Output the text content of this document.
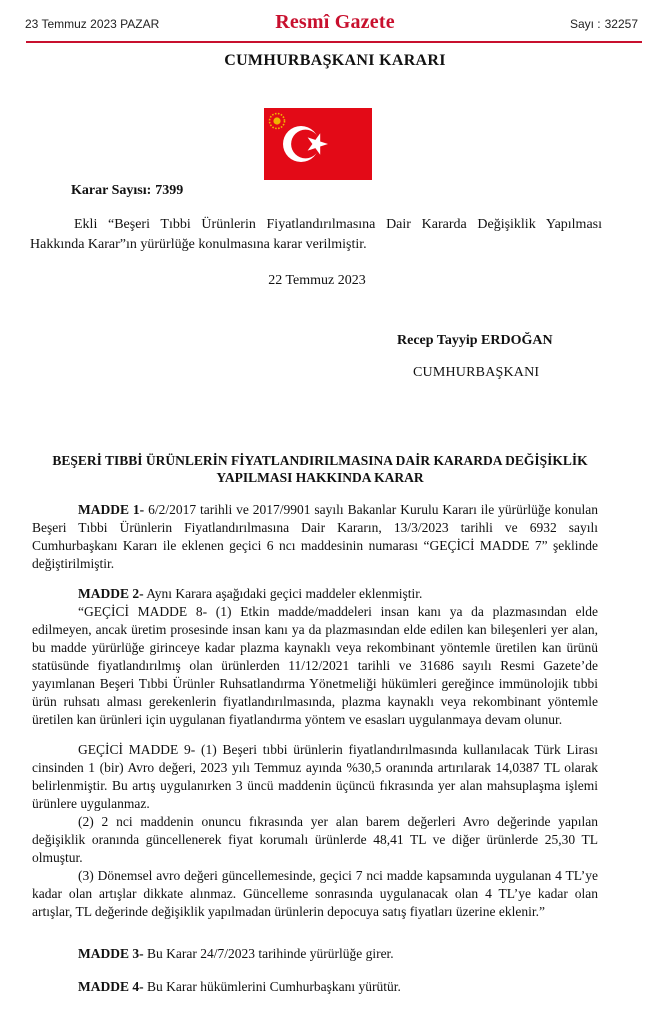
23 Temmuz 2023 PAZAR	Resmî Gazete	Sayı : 32257
CUMHURBAŞKANI KARARI
Karar Sayısı: 7399
Ekli “Beşeri Tıbbi Ürünlerin Fiyatlandırılmasına Dair Kararda Değişiklik Yapılması Hakkında Karar”ın yürürlüğe konulmasına karar verilmiştir.
22 Temmuz 2023
Recep Tayyip ERDOĞAN
CUMHURBAŞKANI
BEŞERİ TIBBİ ÜRÜNLERİN FİYATLANDIRILMASINA DAİR KARARDA DEĞİŞİKLİK YAPILMASI HAKKINDA KARAR
MADDE 1- 6/2/2017 tarihli ve 2017/9901 sayılı Bakanlar Kurulu Kararı ile yürürlüğe konulan Beşeri Tıbbi Ürünlerin Fiyatlandırılmasına Dair Kararın, 13/3/2023 tarihli ve 6932 sayılı Cumhurbaşkanı Kararı ile eklenen geçici 6 ncı maddesinin numarası “GEÇİCİ MADDE 7” şeklinde değiştirilmiştir.
MADDE 2- Aynı Karara aşağıdaki geçici maddeler eklenmiştir.
“GEÇİCİ MADDE 8- (1) Etkin madde/maddeleri insan kanı ya da plazmasından elde edilmeyen, ancak üretim prosesinde insan kanı ya da plazmasından elde edilen kan bileşenleri yer alan, bu madde yürürlüğe girinceye kadar plazma kaynaklı veya rekombinant yöntemle üretilen kan ürünü statüsünde fiyatlandırılmış olan ürünlerden 11/12/2021 tarihli ve 31686 sayılı Resmi Gazete’de yayımlanan Beşeri Tıbbi Ürünler Ruhsatlandırma Yönetmeliği hükümleri gereğince immünolojik tıbbi ürün ruhsatı alması gerekenlerin fiyatlandırılmasında, plazma kaynaklı veya rekombinant yöntemle üretilen kan ürünleri için uygulanan fiyatlandırma yöntem ve esasları uygulanmaya devam olunur.
GEÇİCİ MADDE 9- (1) Beşeri tıbbi ürünlerin fiyatlandırılmasında kullanılacak Türk Lirası cinsinden 1 (bir) Avro değeri, 2023 yılı Temmuz ayında %30,5 oranında artırılarak 14,0387 TL olarak belirlenmiştir. Bu artış uygulanırken 3 üncü maddenin üçüncü fıkrasında yer alan mahsuplaşma işlemi ürünlere uygulanmaz.
(2) 2 nci maddenin onuncu fıkrasında yer alan barem değerleri Avro değerinde yapılan değişiklik oranında güncellenerek fiyat korumalı ürünlerde 48,41 TL ve diğer ürünlerde 25,30 TL olmuştur.
(3) Dönemsel avro değeri güncellemesinde, geçici 7 nci madde kapsamında uygulanan 4 TL’ye kadar olan artışlar dikkate alınmaz. Güncelleme sonrasında uygulanacak olan 4 TL’ye kadar olan artışlar, TL değerinde değişiklik yapılmadan ürünlerin depocuya satış fiyatları üzerine eklenir.”
MADDE 3- Bu Karar 24/7/2023 tarihinde yürürlüğe girer.
MADDE 4- Bu Karar hükümlerini Cumhurbaşkanı yürütür.
